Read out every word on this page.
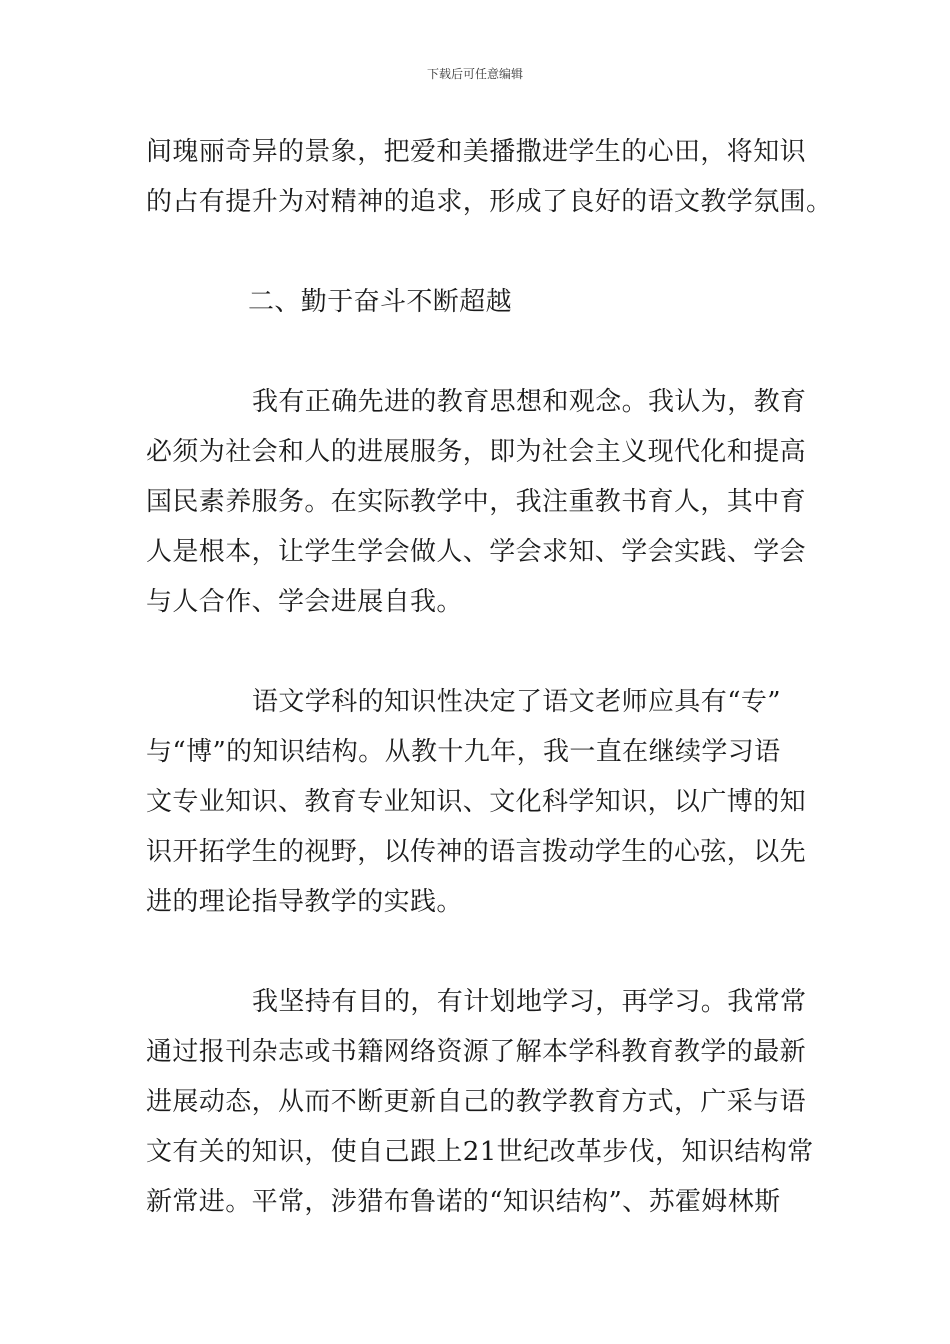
下载后可任意编辑

间瑰丽奇异的景象，把爱和美播撒进学生的心田，将知识
的占有提升为对精神的追求，形成了良好的语文教学氛围。

二、勤于奋斗不断超越

我有正确先进的教育思想和观念。我认为，教育
必须为社会和人的进展服务，即为社会主义现代化和提高
国民素养服务。在实际教学中，我注重教书育人，其中育
人是根本，让学生学会做人、学会求知、学会实践、学会
与人合作、学会进展自我。

语文学科的知识性决定了语文老师应具有“专”
与“博”的知识结构。从教十九年，我一直在继续学习语
文专业知识、教育专业知识、文化科学知识，以广博的知
识开拓学生的视野，以传神的语言拨动学生的心弦，以先
进的理论指导教学的实践。

我坚持有目的，有计划地学习，再学习。我常常
通过报刊杂志或书籍网络资源了解本学科教育教学的最新
进展动态，从而不断更新自己的教学教育方式，广采与语
文有关的知识，使自己跟上21世纪改革步伐，知识结构常
新常进。平常，涉猎布鲁诺的“知识结构”、苏霍姆林斯
